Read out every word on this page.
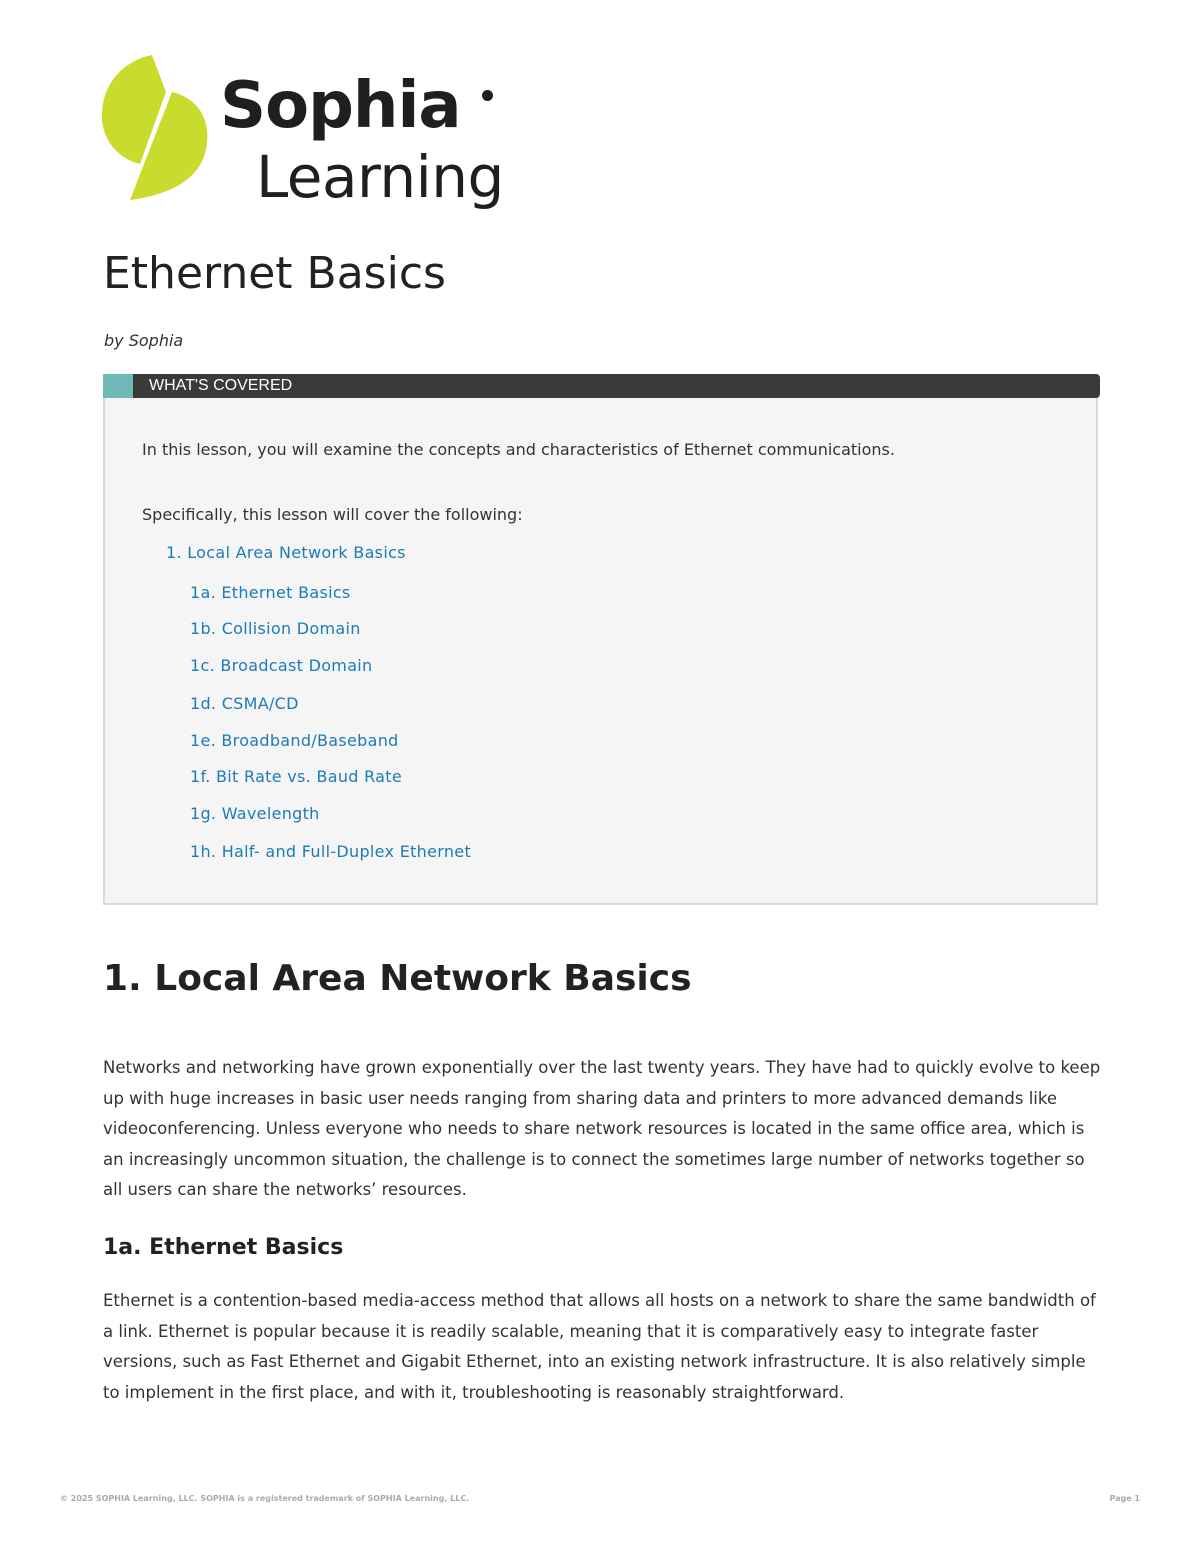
Sophia
Learning
Ethernet Basics
by Sophia
WHAT'S COVERED
In this lesson, you will examine the concepts and characteristics of Ethernet communications.
Specifically, this lesson will cover the following:
1. Local Area Network Basics
1a. Ethernet Basics
1b. Collision Domain
1c. Broadcast Domain
1d. CSMA/CD
1e. Broadband/Baseband
1f. Bit Rate vs. Baud Rate
1g. Wavelength
1h. Half- and Full-Duplex Ethernet
1. Local Area Network Basics

Networks and networking have grown exponentially over the last twenty years. They have had to quickly evolve to keep up with huge increases in basic user needs ranging from sharing data and printers to more advanced demands like videoconferencing. Unless everyone who needs to share network resources is located in the same office area, which is an increasingly uncommon situation, the challenge is to connect the sometimes large number of networks together so all users can share the networks’ resources.

1a. Ethernet Basics

Ethernet is a contention-based media-access method that allows all hosts on a network to share the same bandwidth of a link. Ethernet is popular because it is readily scalable, meaning that it is comparatively easy to integrate faster versions, such as Fast Ethernet and Gigabit Ethernet, into an existing network infrastructure. It is also relatively simple to implement in the first place, and with it, troubleshooting is reasonably straightforward.

© 2025 SOPHIA Learning, LLC. SOPHIA is a registered trademark of SOPHIA Learning, LLC.	Page 1
